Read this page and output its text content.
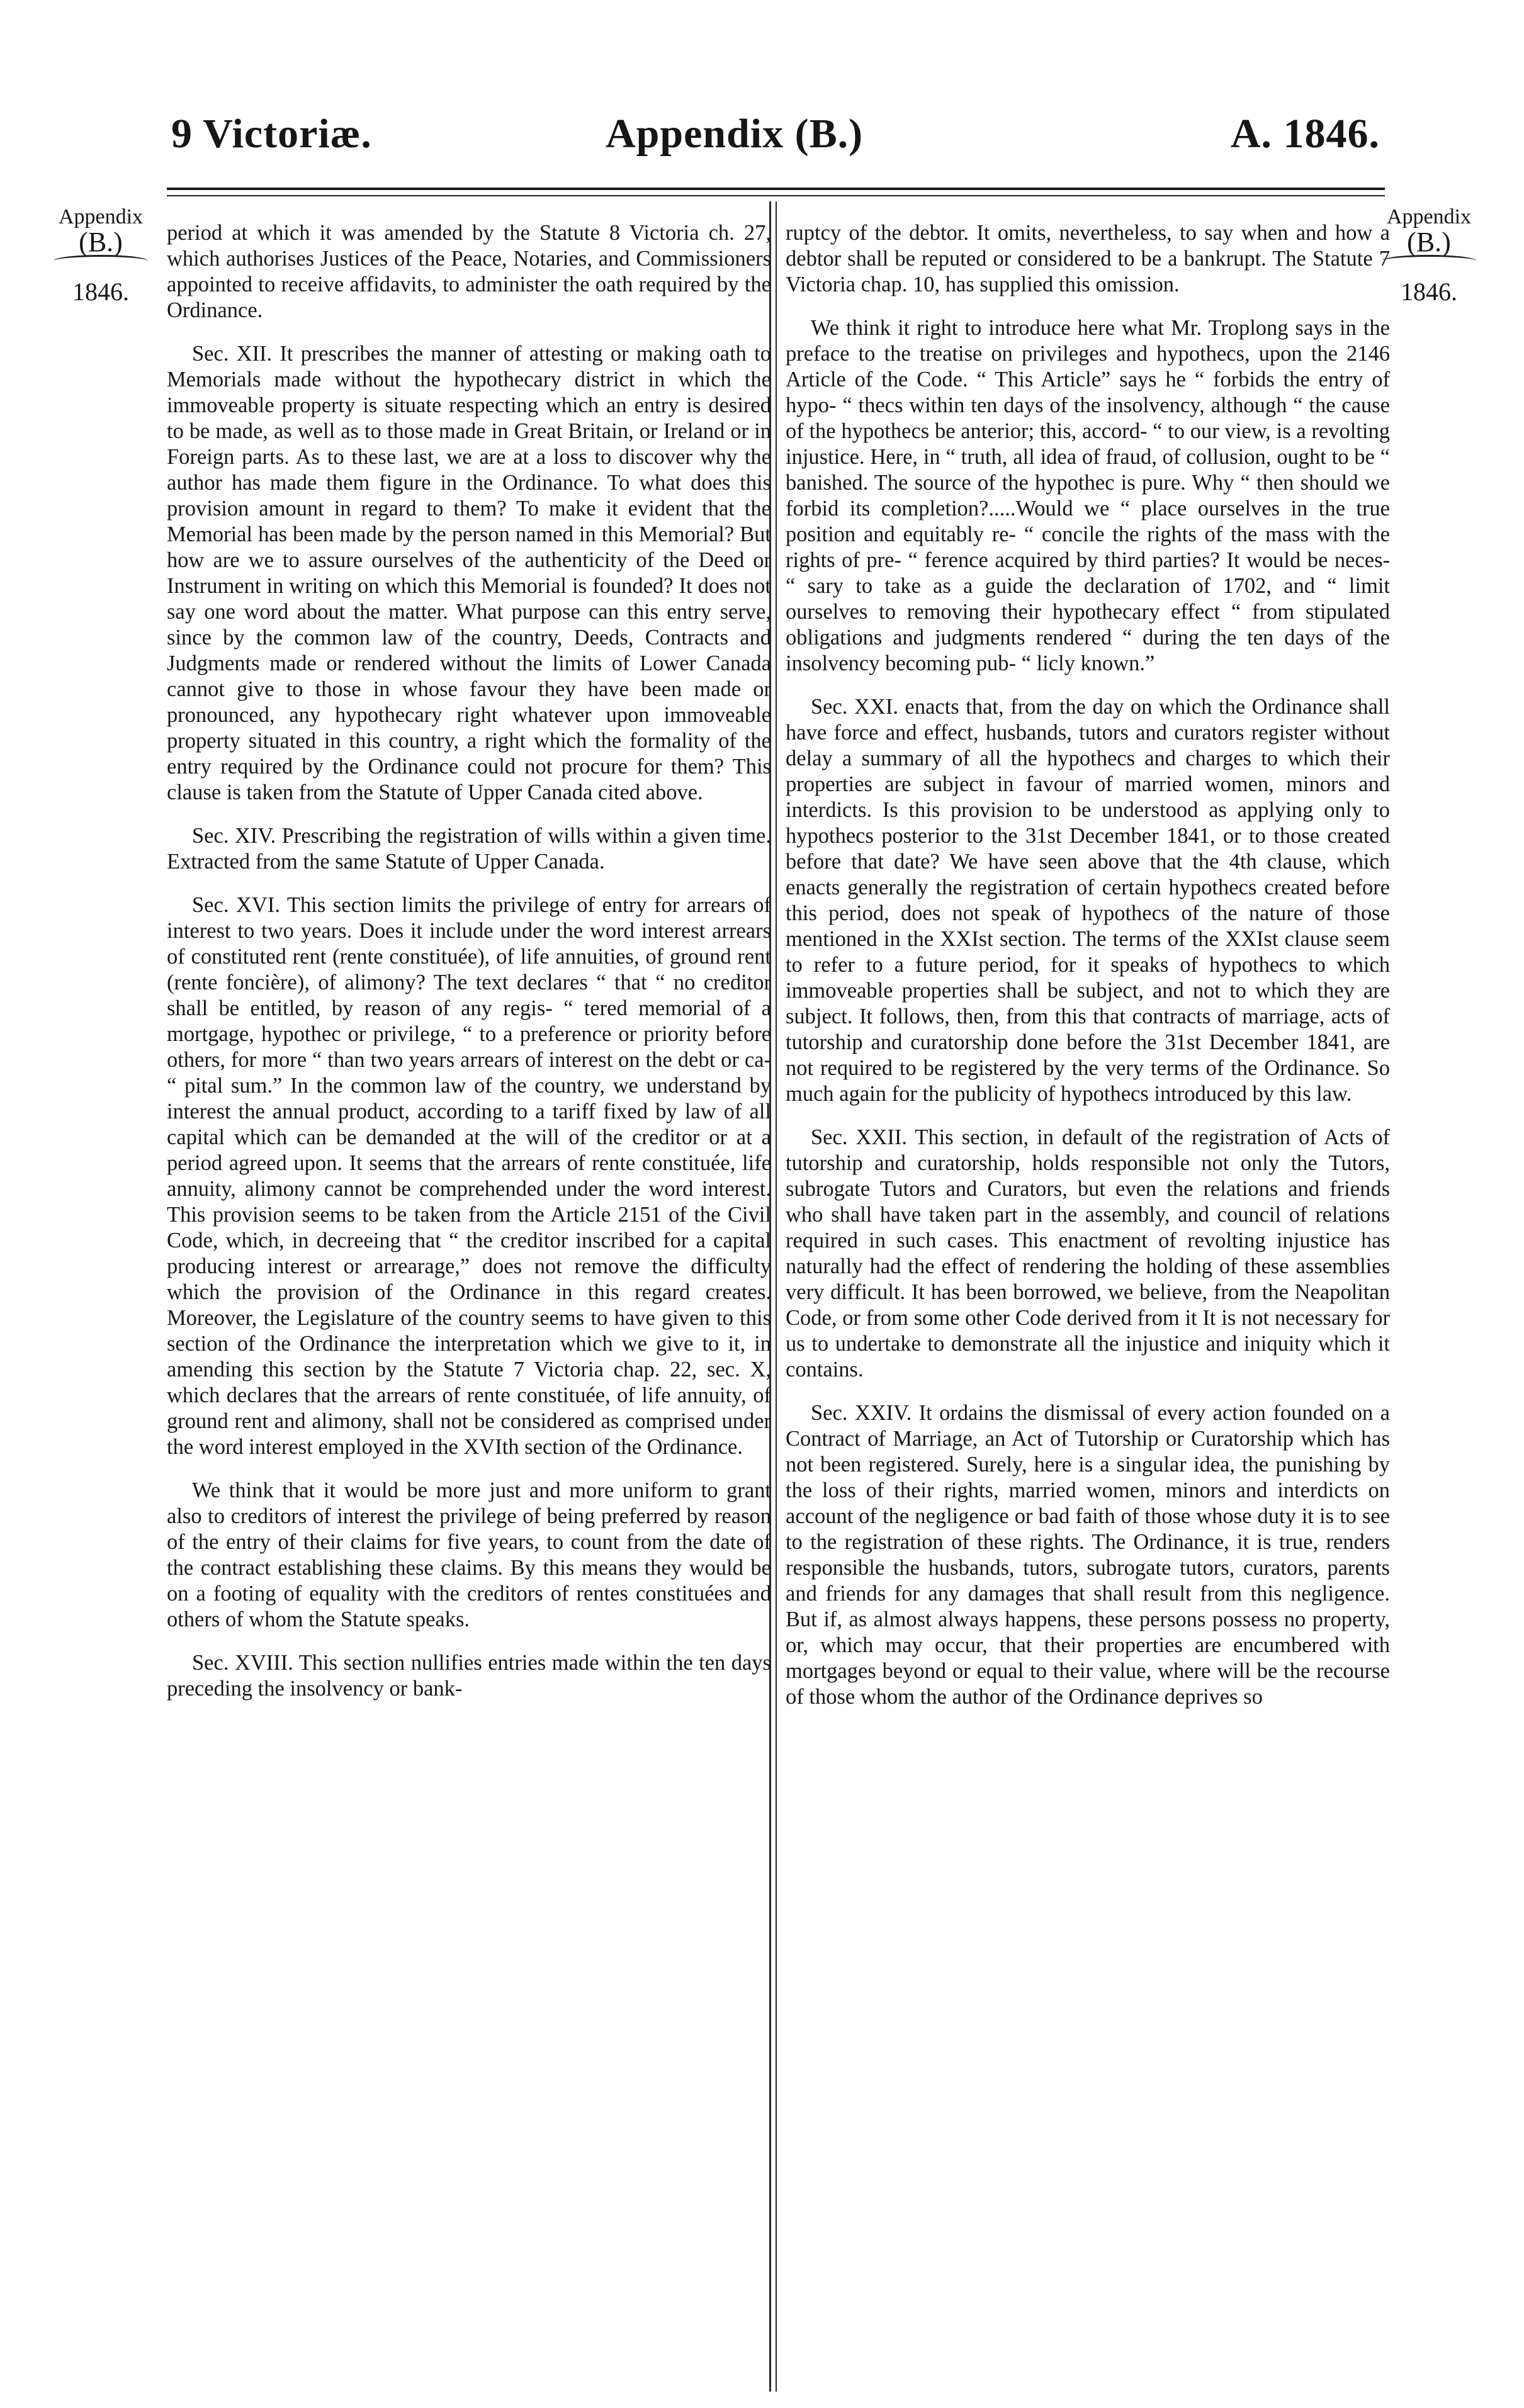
9 Victoriæ.	Appendix (B.)	A. 1846.
Appendix
(B.)
1846.
Appendix
(B.)
1846.

period at which it was amended by the Statute 8 Victoria ch. 27, which authorises Justices of the Peace, Notaries, and Commissioners appointed to receive affidavits, to administer the oath required by the Ordinance.

Sec. XII. It prescribes the manner of attesting or making oath to Memorials made without the hypothecary district in which the immoveable property is situate respecting which an entry is desired to be made, as well as to those made in Great Britain, or Ireland or in Foreign parts. As to these last, we are at a loss to discover why the author has made them figure in the Ordinance. To what does this provision amount in regard to them? To make it evident that the Memorial has been made by the person named in this Memorial? But how are we to assure ourselves of the authenticity of the Deed or Instrument in writing on which this Memorial is founded? It does not say one word about the matter. What purpose can this entry serve, since by the common law of the country, Deeds, Contracts and Judgments made or rendered without the limits of Lower Canada cannot give to those in whose favour they have been made or pronounced, any hypothecary right whatever upon immoveable property situated in this country, a right which the formality of the entry required by the Ordinance could not procure for them? This clause is taken from the Statute of Upper Canada cited above.

Sec. XIV. Prescribing the registration of wills within a given time. Extracted from the same Statute of Upper Canada.

Sec. XVI. This section limits the privilege of entry for arrears of interest to two years. Does it include under the word interest arrears of constituted rent (rente constituée), of life annuities, of ground rent (rente foncière), of alimony? The text declares “ that “ no creditor shall be entitled, by reason of any regis- “ tered memorial of a mortgage, hypothec or privilege, “ to a preference or priority before others, for more “ than two years arrears of interest on the debt or ca- “ pital sum.” In the common law of the country, we understand by interest the annual product, according to a tariff fixed by law of all capital which can be demanded at the will of the creditor or at a period agreed upon. It seems that the arrears of rente constituée, life annuity, alimony cannot be comprehended under the word interest. This provision seems to be taken from the Article 2151 of the Civil Code, which, in decreeing that “ the creditor inscribed for a capital producing interest or arrearage,” does not remove the difficulty which the provision of the Ordinance in this regard creates. Moreover, the Legislature of the country seems to have given to this section of the Ordinance the interpretation which we give to it, in amending this section by the Statute 7 Victoria chap. 22, sec. X, which declares that the arrears of rente constituée, of life annuity, of ground rent and alimony, shall not be considered as comprised under the word interest employed in the XVIth section of the Ordinance.

We think that it would be more just and more uniform to grant also to creditors of interest the privilege of being preferred by reason of the entry of their claims for five years, to count from the date of the contract establishing these claims. By this means they would be on a footing of equality with the creditors of rentes constituées and others of whom the Statute speaks.

Sec. XVIII. This section nullifies entries made within the ten days preceding the insolvency or bank-

ruptcy of the debtor. It omits, nevertheless, to say when and how a debtor shall be reputed or considered to be a bankrupt. The Statute 7 Victoria chap. 10, has supplied this omission.

We think it right to introduce here what Mr. Troplong says in the preface to the treatise on privileges and hypothecs, upon the 2146 Article of the Code. “ This Article” says he “ forbids the entry of hypo- “ thecs within ten days of the insolvency, although “ the cause of the hypothecs be anterior; this, accord- “ to our view, is a revolting injustice. Here, in “ truth, all idea of fraud, of collusion, ought to be “ banished. The source of the hypothec is pure. Why “ then should we forbid its completion?.....Would we “ place ourselves in the true position and equitably re- “ concile the rights of the mass with the rights of pre- “ ference acquired by third parties? It would be neces- “ sary to take as a guide the declaration of 1702, and “ limit ourselves to removing their hypothecary effect “ from stipulated obligations and judgments rendered “ during the ten days of the insolvency becoming pub- “ licly known.”

Sec. XXI. enacts that, from the day on which the Ordinance shall have force and effect, husbands, tutors and curators register without delay a summary of all the hypothecs and charges to which their properties are subject in favour of married women, minors and interdicts. Is this provision to be understood as applying only to hypothecs posterior to the 31st December 1841, or to those created before that date? We have seen above that the 4th clause, which enacts generally the registration of certain hypothecs created before this period, does not speak of hypothecs of the nature of those mentioned in the XXIst section. The terms of the XXIst clause seem to refer to a future period, for it speaks of hypothecs to which immoveable properties shall be subject, and not to which they are subject. It follows, then, from this that contracts of marriage, acts of tutorship and curatorship done before the 31st December 1841, are not required to be registered by the very terms of the Ordinance. So much again for the publicity of hypothecs introduced by this law.

Sec. XXII. This section, in default of the registration of Acts of tutorship and curatorship, holds responsible not only the Tutors, subrogate Tutors and Curators, but even the relations and friends who shall have taken part in the assembly, and council of relations required in such cases. This enactment of revolting injustice has naturally had the effect of rendering the holding of these assemblies very difficult. It has been borrowed, we believe, from the Neapolitan Code, or from some other Code derived from it It is not necessary for us to undertake to demonstrate all the injustice and iniquity which it contains.

Sec. XXIV. It ordains the dismissal of every action founded on a Contract of Marriage, an Act of Tutorship or Curatorship which has not been registered. Surely, here is a singular idea, the punishing by the loss of their rights, married women, minors and interdicts on account of the negligence or bad faith of those whose duty it is to see to the registration of these rights. The Ordinance, it is true, renders responsible the husbands, tutors, subrogate tutors, curators, parents and friends for any damages that shall result from this negligence. But if, as almost always happens, these persons possess no property, or, which may occur, that their properties are encumbered with mortgages beyond or equal to their value, where will be the recourse of those whom the author of the Ordinance deprives so
